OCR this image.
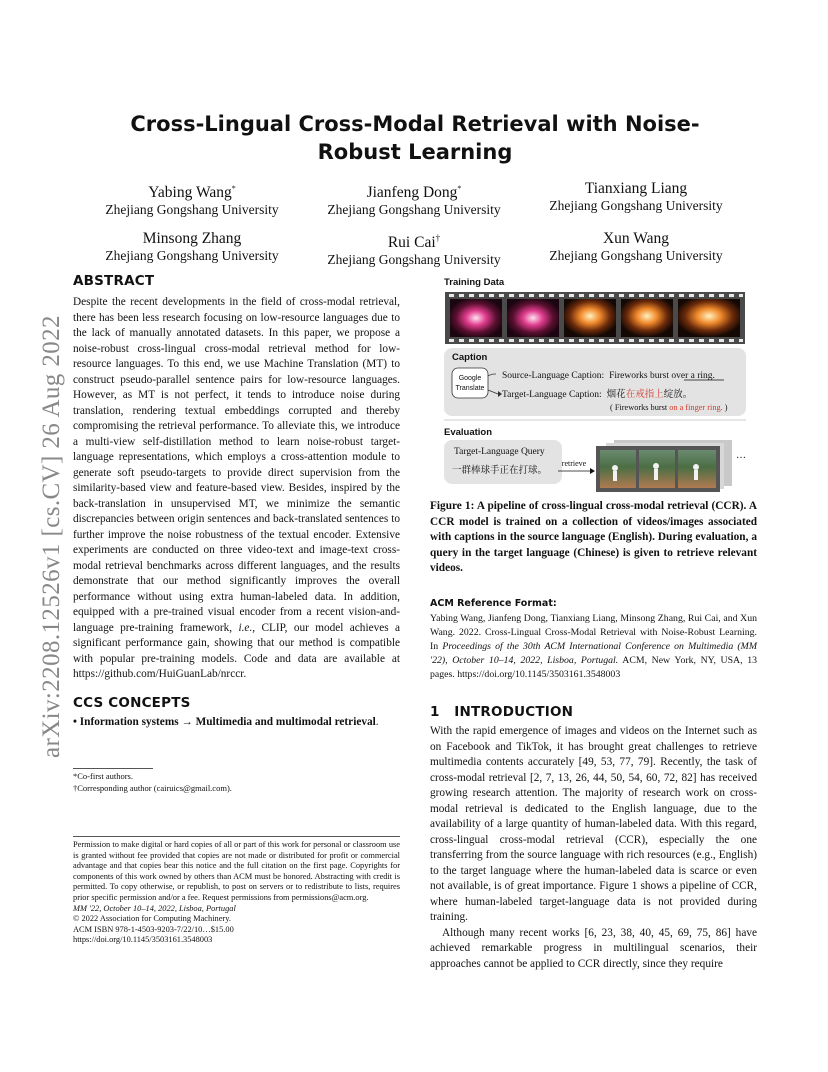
arXiv:2208.12526v1 [cs.CV] 26 Aug 2022
Cross-Lingual Cross-Modal Retrieval with Noise-Robust Learning
Yabing Wang*
Zhejiang Gongshang University
Jianfeng Dong*
Zhejiang Gongshang University
Tianxiang Liang
Zhejiang Gongshang University
Minsong Zhang
Zhejiang Gongshang University
Rui Cai†
Zhejiang Gongshang University
Xun Wang
Zhejiang Gongshang University
ABSTRACT
Despite the recent developments in the field of cross-modal retrieval, there has been less research focusing on low-resource languages due to the lack of manually annotated datasets. In this paper, we propose a noise-robust cross-lingual cross-modal retrieval method for low-resource languages. To this end, we use Machine Translation (MT) to construct pseudo-parallel sentence pairs for low-resource languages. However, as MT is not perfect, it tends to introduce noise during translation, rendering textual embeddings corrupted and thereby compromising the retrieval performance. To alleviate this, we introduce a multi-view self-distillation method to learn noise-robust target-language representations, which employs a cross-attention module to generate soft pseudo-targets to provide direct supervision from the similarity-based view and feature-based view. Besides, inspired by the back-translation in unsupervised MT, we minimize the semantic discrepancies between origin sentences and back-translated sentences to further improve the noise robustness of the textual encoder. Extensive experiments are conducted on three video-text and image-text cross-modal retrieval benchmarks across different languages, and the results demonstrate that our method significantly improves the overall performance without using extra human-labeled data. In addition, equipped with a pre-trained visual encoder from a recent vision-and-language pre-training framework, i.e., CLIP, our model achieves a significant performance gain, showing that our method is compatible with popular pre-training models. Code and data are available at https://github.com/HuiGuanLab/nrccr.
CCS CONCEPTS
• Information systems → Multimedia and multimodal retrieval.
*Co-first authors.
†Corresponding author (cairuics@gmail.com).

Permission to make digital or hard copies of all or part of this work for personal or classroom use is granted without fee provided that copies are not made or distributed for profit or commercial advantage and that copies bear this notice and the full citation on the first page. Copyrights for components of this work owned by others than ACM must be honored. Abstracting with credit is permitted. To copy otherwise, or republish, to post on servers or to redistribute to lists, requires prior specific permission and/or a fee. Request permissions from permissions@acm.org.

MM '22, October 10–14, 2022, Lisboa, Portugal

© 2022 Association for Computing Machinery.

ACM ISBN 978-1-4503-9203-7/22/10…$15.00

https://doi.org/10.1145/3503161.3548003

Training Data
Caption
Google
Translate
Source-Language Caption: Fireworks burst over a ring.
Target-Language Caption: 烟花在戒指上绽放。
( Fireworks burst on a finger ring. )
Evaluation
Target-Language Query
一群棒球手正在打球。
retrieve
…
Figure 1: A pipeline of cross-lingual cross-modal retrieval (CCR). A CCR model is trained on a collection of videos/images associated with captions in the source language (English). During evaluation, a query in the target language (Chinese) is given to retrieve relevant videos.
ACM Reference Format:
Yabing Wang, Jianfeng Dong, Tianxiang Liang, Minsong Zhang, Rui Cai, and Xun Wang. 2022. Cross-Lingual Cross-Modal Retrieval with Noise-Robust Learning. In Proceedings of the 30th ACM International Conference on Multimedia (MM '22), October 10–14, 2022, Lisboa, Portugal. ACM, New York, NY, USA, 13 pages. https://doi.org/10.1145/3503161.3548003
1   INTRODUCTION

With the rapid emergence of images and videos on the Internet such as on Facebook and TikTok, it has brought great challenges to retrieve multimedia contents accurately [49, 53, 77, 79]. Recently, the task of cross-modal retrieval [2, 7, 13, 26, 44, 50, 54, 60, 72, 82] has received growing research attention. The majority of research work on cross-modal retrieval is dedicated to the English language, due to the availability of a large quantity of human-labeled data. With this regard, cross-lingual cross-modal retrieval (CCR), especially the one transferring from the source language with rich resources (e.g., English) to the target language where the human-labeled data is scarce or even not available, is of great importance. Figure 1 shows a pipeline of CCR, where human-labeled target-language data is not provided during training.

Although many recent works [6, 23, 38, 40, 45, 69, 75, 86] have achieved remarkable progress in multilingual scenarios, their approaches cannot be applied to CCR directly, since they require
